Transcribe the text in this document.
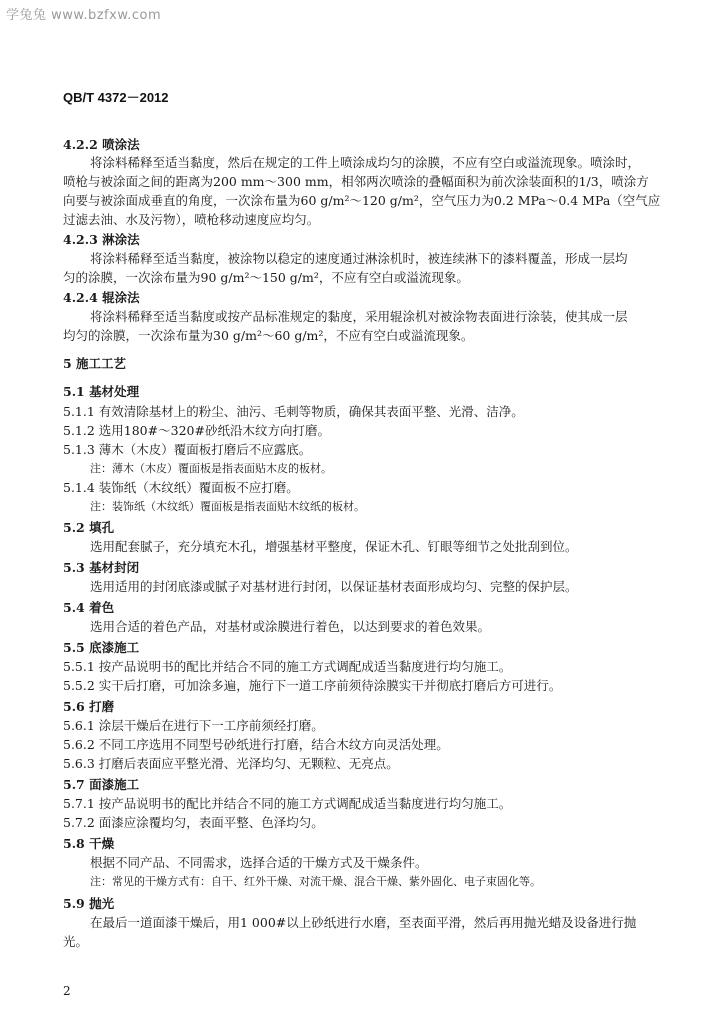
学兔兔 www.bzfxw.com
QB/T 4372－2012
4.2.2 喷涂法
将涂料稀释至适当黏度，然后在规定的工件上喷涂成均匀的涂膜，不应有空白或溢流现象。喷涂时，
喷枪与被涂面之间的距离为200 mm～300 mm，相邻两次喷涂的叠幅面积为前次涂装面积的1/3，喷涂方
向要与被涂面成垂直的角度，一次涂布量为60 g/m²～120 g/m²，空气压力为0.2 MPa～0.4 MPa（空气应
过滤去油、水及污物），喷枪移动速度应均匀。
4.2.3 淋涂法
将涂料稀释至适当黏度，被涂物以稳定的速度通过淋涂机时，被连续淋下的漆料覆盖，形成一层均
匀的涂膜，一次涂布量为90 g/m²～150 g/m²，不应有空白或溢流现象。
4.2.4 辊涂法
将涂料稀释至适当黏度或按产品标准规定的黏度，采用辊涂机对被涂物表面进行涂装，使其成一层
均匀的涂膜，一次涂布量为30 g/m²～60 g/m²，不应有空白或溢流现象。
5 施工工艺
5.1 基材处理
5.1.1 有效清除基材上的粉尘、油污、毛刺等物质，确保其表面平整、光滑、洁净。
5.1.2 选用180#～320#砂纸沿木纹方向打磨。
5.1.3 薄木（木皮）覆面板打磨后不应露底。
注：薄木（木皮）覆面板是指表面贴木皮的板材。
5.1.4 装饰纸（木纹纸）覆面板不应打磨。
注：装饰纸（木纹纸）覆面板是指表面贴木纹纸的板材。
5.2 填孔
选用配套腻子，充分填充木孔，增强基材平整度，保证木孔、钉眼等细节之处批刮到位。
5.3 基材封闭
选用适用的封闭底漆或腻子对基材进行封闭，以保证基材表面形成均匀、完整的保护层。
5.4 着色
选用合适的着色产品，对基材或涂膜进行着色，以达到要求的着色效果。
5.5 底漆施工
5.5.1 按产品说明书的配比并结合不同的施工方式调配成适当黏度进行均匀施工。
5.5.2 实干后打磨，可加涂多遍，施行下一道工序前须待涂膜实干并彻底打磨后方可进行。
5.6 打磨
5.6.1 涂层干燥后在进行下一工序前须经打磨。
5.6.2 不同工序选用不同型号砂纸进行打磨，结合木纹方向灵活处理。
5.6.3 打磨后表面应平整光滑、光泽均匀、无颗粒、无亮点。
5.7 面漆施工
5.7.1 按产品说明书的配比并结合不同的施工方式调配成适当黏度进行均匀施工。
5.7.2 面漆应涂覆均匀，表面平整、色泽均匀。
5.8 干燥
根据不同产品、不同需求，选择合适的干燥方式及干燥条件。
注：常见的干燥方式有：自干、红外干燥、对流干燥、混合干燥、紫外固化、电子束固化等。
5.9 抛光
在最后一道面漆干燥后，用1 000#以上砂纸进行水磨，至表面平滑，然后再用抛光蜡及设备进行抛
光。
2
